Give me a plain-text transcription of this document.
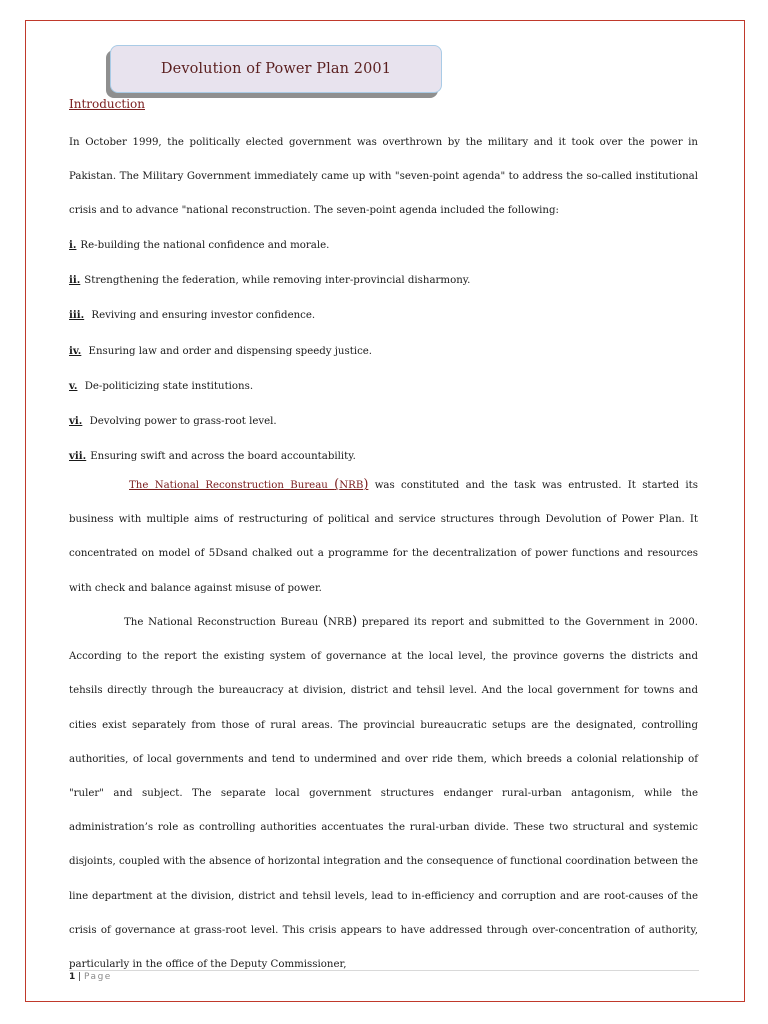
Devolution of Power Plan 2001
Introduction

In October 1999, the politically elected government was overthrown by the military and it took over the power in Pakistan. The Military Government immediately came up with "seven-point agenda" to address the so-called institutional crisis and to advance "national reconstruction. The seven-point agenda included the following:

i. Re-building the national confidence and morale.
ii. Strengthening the federation, while removing inter-provincial disharmony.
iii. Reviving and ensuring investor confidence.
iv. Ensuring law and order and dispensing speedy justice.
v. De-politicizing state institutions.
vi. Devolving power to grass-root level.
vii. Ensuring swift and across the board accountability.

The National Reconstruction Bureau (NRB) was constituted and the task was entrusted. It started its business with multiple aims of restructuring of political and service structures through Devolution of Power Plan. It concentrated on model of 5Dsand chalked out a programme for the decentralization of power functions and resources with check and balance against misuse of power.

The National Reconstruction Bureau (NRB) prepared its report and submitted to the Government in 2000. According to the report the existing system of governance at the local level, the province governs the districts and tehsils directly through the bureaucracy at division, district and tehsil level. And the local government for towns and cities exist separately from those of rural areas. The provincial bureaucratic setups are the designated, controlling authorities, of local governments and tend to undermined and over ride them, which breeds a colonial relationship of "ruler" and subject. The separate local government structures endanger rural-urban antagonism, while the administration’s role as controlling authorities accentuates the rural-urban divide. These two structural and systemic disjoints, coupled with the absence of horizontal integration and the consequence of functional coordination between the line department at the division, district and tehsil levels, lead to in-efficiency and corruption and are root-causes of the crisis of governance at grass-root level. This crisis appears to have addressed through over-concentration of authority, particularly in the office of the Deputy Commissioner,

1 | Page
